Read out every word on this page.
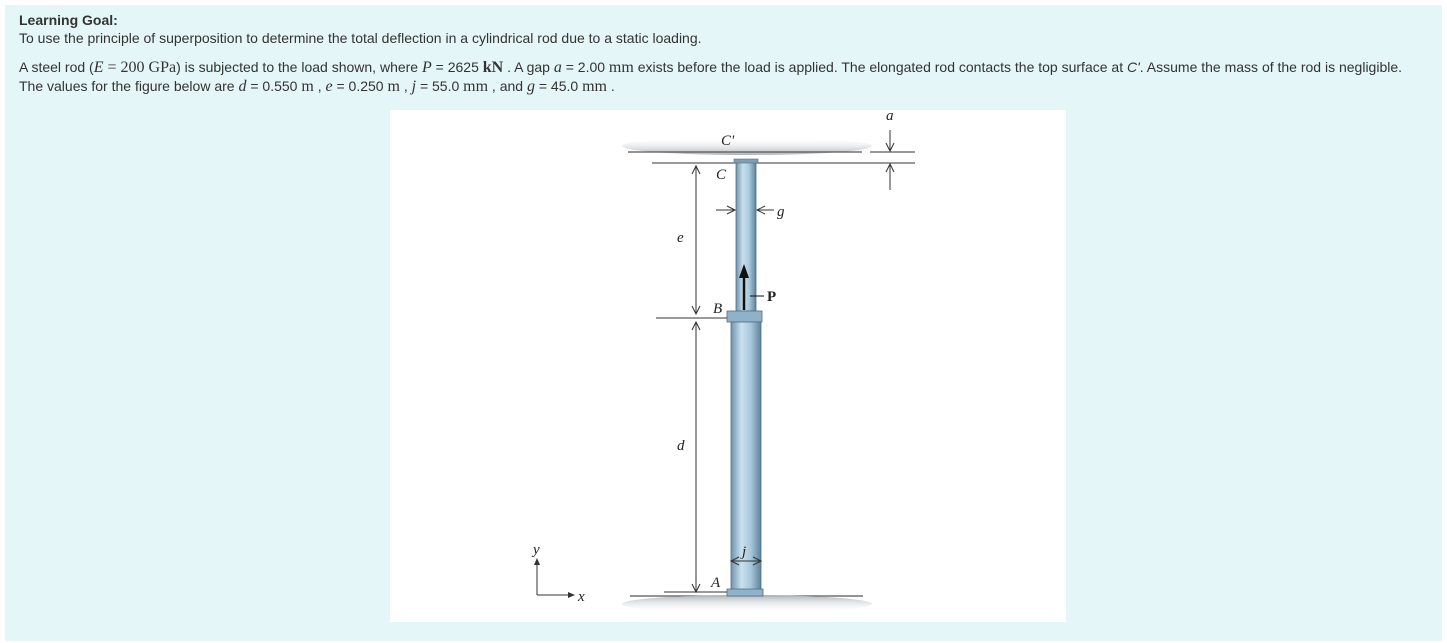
Learning Goal:
To use the principle of superposition to determine the total deflection in a cylindrical rod due to a static loading.
A steel rod (E = 200 GPa) is subjected to the load shown, where P = 2625 kN . A gap a = 2.00 mm exists before the load is applied. The elongated rod contacts the top surface at C'. Assume the mass of the rod is negligible. The values for the figure below are d = 0.550 m , e = 0.250 m , j = 55.0 mm , and g = 45.0 mm .
a
C'
C
g
e
P
B
d
j
A
y
x
